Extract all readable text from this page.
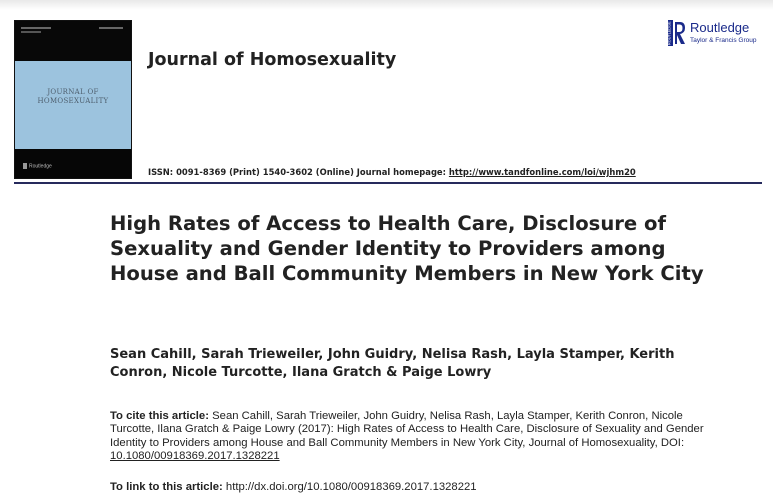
JOURNAL OF
HOMOSEXUALITY
Routledge
Journal of Homosexuality
ISSN: 0091-8369 (Print) 1540-3602 (Online) Journal homepage: http://www.tandfonline.com/loi/wjhm20
ROUTLEDGE Routledge
Taylor & Francis Group
High Rates of Access to Health Care, Disclosure of Sexuality and Gender Identity to Providers among House and Ball Community Members in New York City

Sean Cahill, Sarah Trieweiler, John Guidry, Nelisa Rash, Layla Stamper, Kerith Conron, Nicole Turcotte, Ilana Gratch & Paige Lowry

To cite this article: Sean Cahill, Sarah Trieweiler, John Guidry, Nelisa Rash, Layla Stamper, Kerith Conron, Nicole Turcotte, Ilana Gratch & Paige Lowry (2017): High Rates of Access to Health Care, Disclosure of Sexuality and Gender Identity to Providers among House and Ball Community Members in New York City, Journal of Homosexuality, DOI: 10.1080/00918369.2017.1328221

To link to this article: http://dx.doi.org/10.1080/00918369.2017.1328221
